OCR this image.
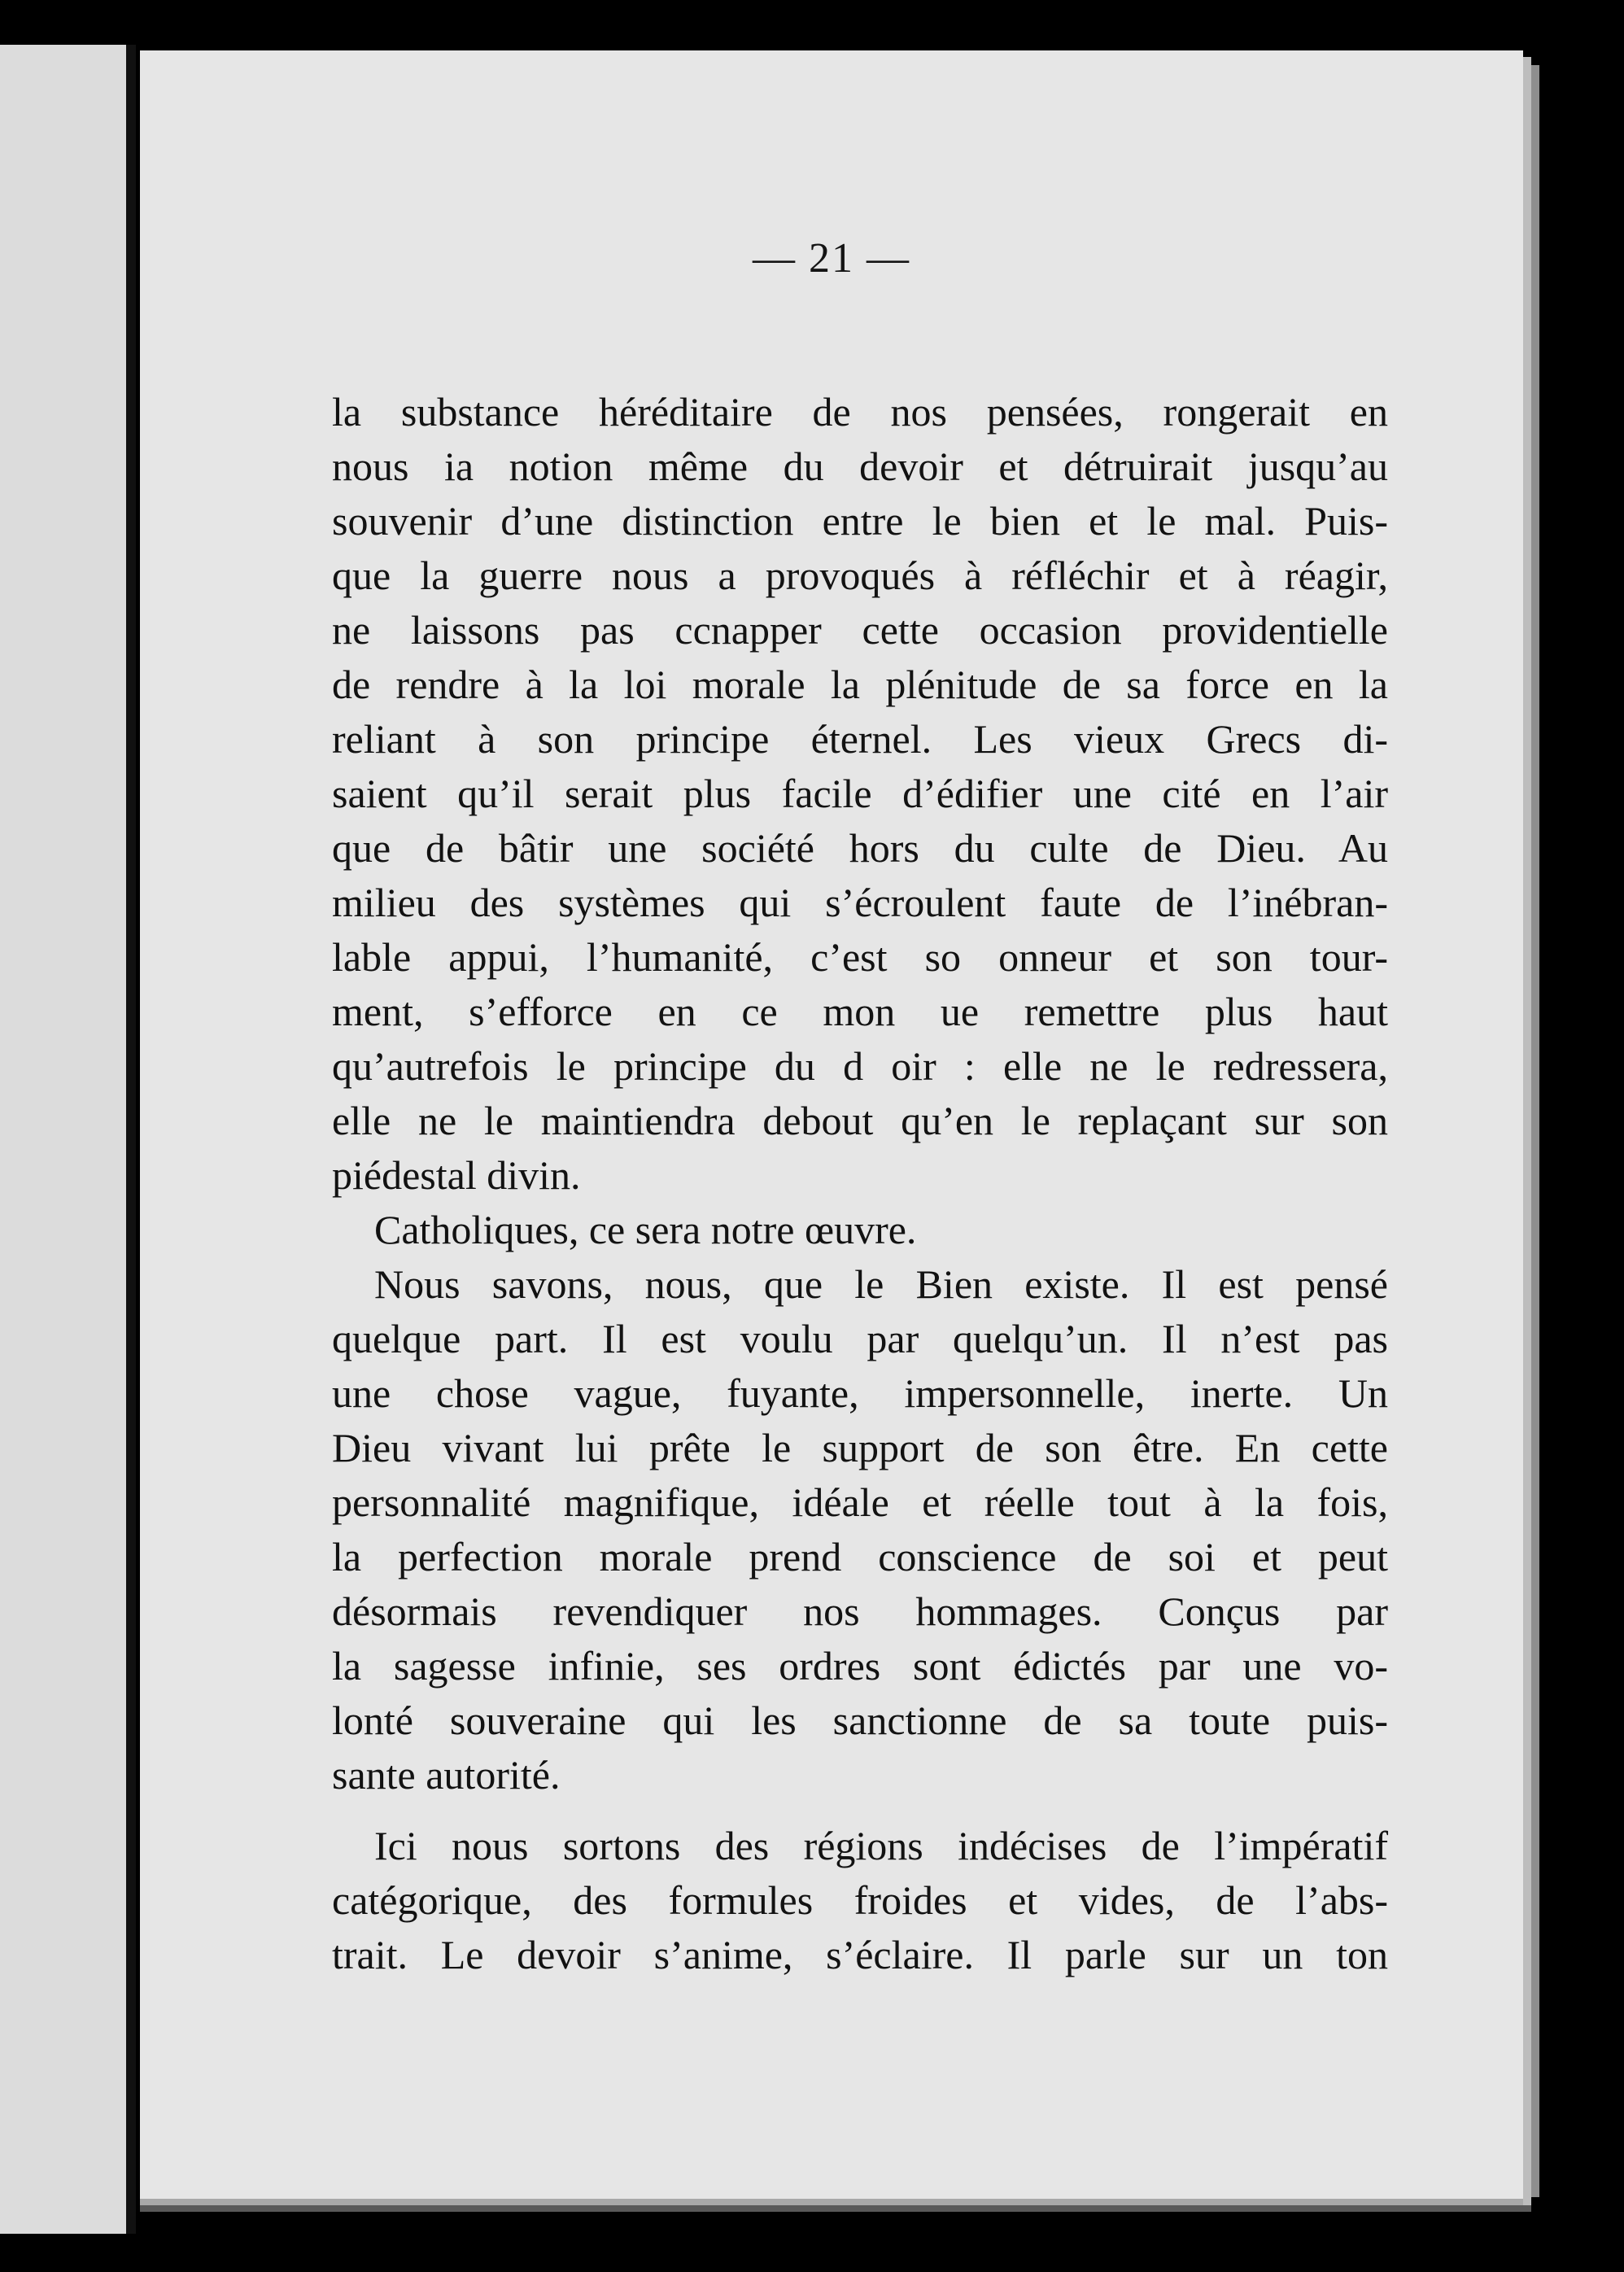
— 21 —
la substance héréditaire de nos pensées, rongerait en
nous ia notion même du devoir et détruirait jusqu’au
souvenir d’une distinction entre le bien et le mal. Puis-
que la guerre nous a provoqués à réfléchir et à réagir,
ne laissons pas ccnapper cette occasion providentielle
de rendre à la loi morale la plénitude de sa force en la
reliant à son principe éternel. Les vieux Grecs di-
saient qu’il serait plus facile d’édifier une cité en l’air
que de bâtir une société hors du culte de Dieu. Au
milieu des systèmes qui s’écroulent faute de l’inébran-
lable appui, l’humanité, c’est so onneur et son tour-
ment, s’efforce en ce mon ue remettre plus haut
qu’autrefois le principe du d oir : elle ne le redressera,
elle ne le maintiendra debout qu’en le replaçant sur son
piédestal divin.
Catholiques, ce sera notre œuvre.
Nous savons, nous, que le Bien existe. Il est pensé
quelque part. Il est voulu par quelqu’un. Il n’est pas
une chose vague, fuyante, impersonnelle, inerte. Un
Dieu vivant lui prête le support de son être. En cette
personnalité magnifique, idéale et réelle tout à la fois,
la perfection morale prend conscience de soi et peut
désormais revendiquer nos hommages. Conçus par
la sagesse infinie, ses ordres sont édictés par une vo-
lonté souveraine qui les sanctionne de sa toute puis-
sante autorité.
Ici nous sortons des régions indécises de l’impératif
catégorique, des formules froides et vides, de l’abs-
trait. Le devoir s’anime, s’éclaire. Il parle sur un ton
